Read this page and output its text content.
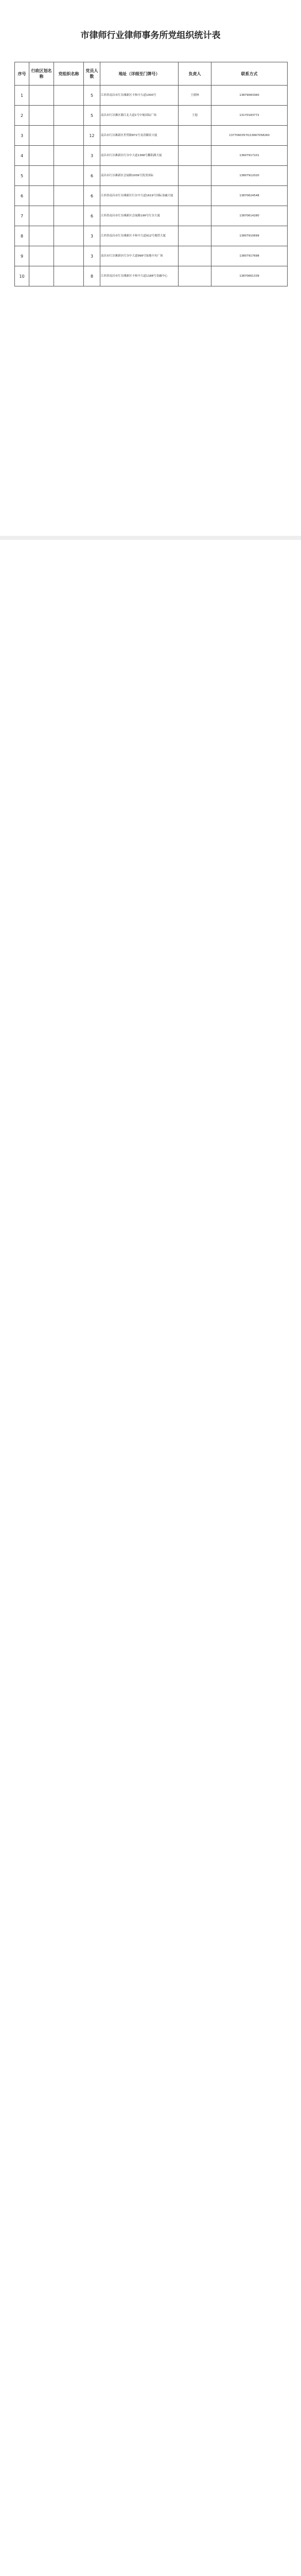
市律师行业律师事务所党组织统计表
序号	行政区划名称	党组织名称	党员人数	地址（详细至门牌号）	负责人	联系方式
1			5	江西省南昌市红谷滩新区丰和中大道1000号	王德林	13879083360
2			5	南昌市红谷滩区赣江北大道1号中航国际广场	王旭	13170183772
3			12	南昌市红谷滩新区世贸路872号金涛御景大厦		13770603570/13667058260
4			3	南昌市红谷滩新区红谷中大道1368号鄱阳湖大厦		13607917101
5			6	南昌市红谷滩新区会展路1009号凯美国际		13807912020
6			6	江西省南昌市红谷滩新区红谷中大道1619号国际金融大厦		13870624548
7			6	江西省南昌市红谷滩新区会展路199号红谷大厦		13870614280
8			3	江西省南昌市红谷滩新区丰和中大道912号地铁大厦		13807910699
9			3	南昌市红谷滩新区红谷中大道998号绿地中央广场		13807917698
10			8	江西省南昌市红谷滩新区丰和中大道1188号金融中心		13870661339
